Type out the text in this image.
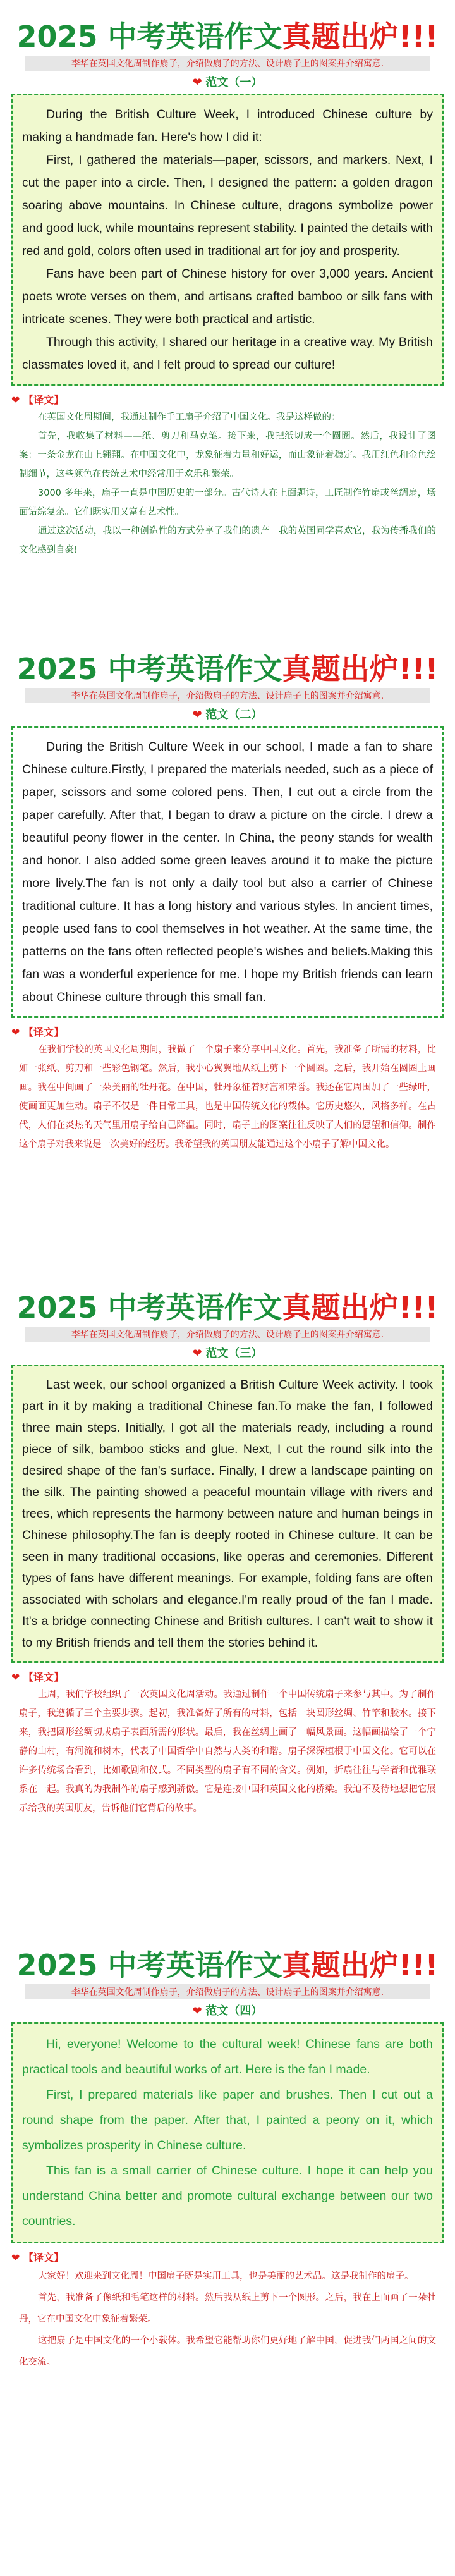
2025 中考英语作文真题出炉!!!
李华在英国文化周制作扇子，介绍做扇子的方法、设计扇子上的图案并介绍寓意.
❤ 范文（一）

During the British Culture Week, I introduced Chinese culture by making a handmade fan. Here's how I did it:

First, I gathered the materials—paper, scissors, and markers. Next, I cut the paper into a circle. Then, I designed the pattern: a golden dragon soaring above mountains. In Chinese culture, dragons symbolize power and good luck, while mountains represent stability. I painted the details with red and gold, colors often used in traditional art for joy and prosperity.

Fans have been part of Chinese history for over 3,000 years. Ancient poets wrote verses on them, and artisans crafted bamboo or silk fans with intricate scenes. They were both practical and artistic.

Through this activity, I shared our heritage in a creative way. My British classmates loved it, and I felt proud to spread our culture!

❤ 【译文】

在英国文化周期间，我通过制作手工扇子介绍了中国文化。我是这样做的：

首先，我收集了材料——纸、剪刀和马克笔。接下来，我把纸切成一个圆圈。然后，我设计了图案：一条金龙在山上翱翔。在中国文化中，龙象征着力量和好运，而山象征着稳定。我用红色和金色绘制细节，这些颜色在传统艺术中经常用于欢乐和繁荣。

3000 多年来，扇子一直是中国历史的一部分。古代诗人在上面题诗，工匠制作竹扇或丝绸扇，场面错综复杂。它们既实用又富有艺术性。

通过这次活动，我以一种创造性的方式分享了我们的遗产。我的英国同学喜欢它，我为传播我们的文化感到自豪!

2025 中考英语作文真题出炉!!!
李华在英国文化周制作扇子，介绍做扇子的方法、设计扇子上的图案并介绍寓意.
❤ 范文（二）

During the British Culture Week in our school, I made a fan to share Chinese culture.Firstly, I prepared the materials needed, such as a piece of paper, scissors and some colored pens. Then, I cut out a circle from the paper carefully. After that, I began to draw a picture on the circle. I drew a beautiful peony flower in the center. In China, the peony stands for wealth and honor. I also added some green leaves around it to make the picture more lively.The fan is not only a daily tool but also a carrier of Chinese traditional culture. It has a long history and various styles. In ancient times, people used fans to cool themselves in hot weather. At the same time, the patterns on the fans often reflected people's wishes and beliefs.Making this fan was a wonderful experience for me. I hope my British friends can learn about Chinese culture through this small fan.

❤ 【译文】

在我们学校的英国文化周期间，我做了一个扇子来分享中国文化。首先，我准备了所需的材料，比如一张纸、剪刀和一些彩色钢笔。然后，我小心翼翼地从纸上剪下一个圆圈。之后，我开始在圆圈上画画。我在中间画了一朵美丽的牡丹花。在中国，牡丹象征着财富和荣誉。我还在它周围加了一些绿叶，使画面更加生动。扇子不仅是一件日常工具，也是中国传统文化的载体。它历史悠久，风格多样。在古代，人们在炎热的天气里用扇子给自己降温。同时，扇子上的图案往往反映了人们的愿望和信仰。制作这个扇子对我来说是一次美好的经历。我希望我的英国朋友能通过这个小扇子了解中国文化。

2025 中考英语作文真题出炉!!!
李华在英国文化周制作扇子，介绍做扇子的方法、设计扇子上的图案并介绍寓意.
❤ 范文（三）

Last week, our school organized a British Culture Week activity. I took part in it by making a traditional Chinese fan.To make the fan, I followed three main steps. Initially, I got all the materials ready, including a round piece of silk, bamboo sticks and glue. Next, I cut the round silk into the desired shape of the fan's surface. Finally, I drew a landscape painting on the silk. The painting showed a peaceful mountain village with rivers and trees, which represents the harmony between nature and human beings in Chinese philosophy.The fan is deeply rooted in Chinese culture. It can be seen in many traditional occasions, like operas and ceremonies. Different types of fans have different meanings. For example, folding fans are often associated with scholars and elegance.I'm really proud of the fan I made. It's a bridge connecting Chinese and British cultures. I can't wait to show it to my British friends and tell them the stories behind it.

❤ 【译文】

上周，我们学校组织了一次英国文化周活动。我通过制作一个中国传统扇子来参与其中。为了制作扇子，我遵循了三个主要步骤。起初，我准备好了所有的材料，包括一块圆形丝绸、竹竿和胶水。接下来，我把圆形丝绸切成扇子表面所需的形状。最后，我在丝绸上画了一幅风景画。这幅画描绘了一个宁静的山村，有河流和树木，代表了中国哲学中自然与人类的和谐。扇子深深植根于中国文化。它可以在许多传统场合看到，比如歌剧和仪式。不同类型的扇子有不同的含义。例如，折扇往往与学者和优雅联系在一起。我真的为我制作的扇子感到骄傲。它是连接中国和英国文化的桥梁。我迫不及待地想把它展示给我的英国朋友，告诉他们它背后的故事。

2025 中考英语作文真题出炉!!!
李华在英国文化周制作扇子，介绍做扇子的方法、设计扇子上的图案并介绍寓意.
❤ 范文（四）

Hi, everyone! Welcome to the cultural week! Chinese fans are both practical tools and beautiful works of art. Here is the fan I made.

First, I prepared materials like paper and brushes. Then I cut out a round shape from the paper. After that, I painted a peony on it, which symbolizes prosperity in Chinese culture.

This fan is a small carrier of Chinese culture. I hope it can help you understand China better and promote cultural exchange between our two countries.

❤ 【译文】

大家好！欢迎来到文化周！中国扇子既是实用工具，也是美丽的艺术品。这是我制作的扇子。

首先，我准备了像纸和毛笔这样的材料。然后我从纸上剪下一个圆形。之后，我在上面画了一朵牡丹，它在中国文化中象征着繁荣。

这把扇子是中国文化的一个小载体。我希望它能帮助你们更好地了解中国，促进我们两国之间的文化交流。
